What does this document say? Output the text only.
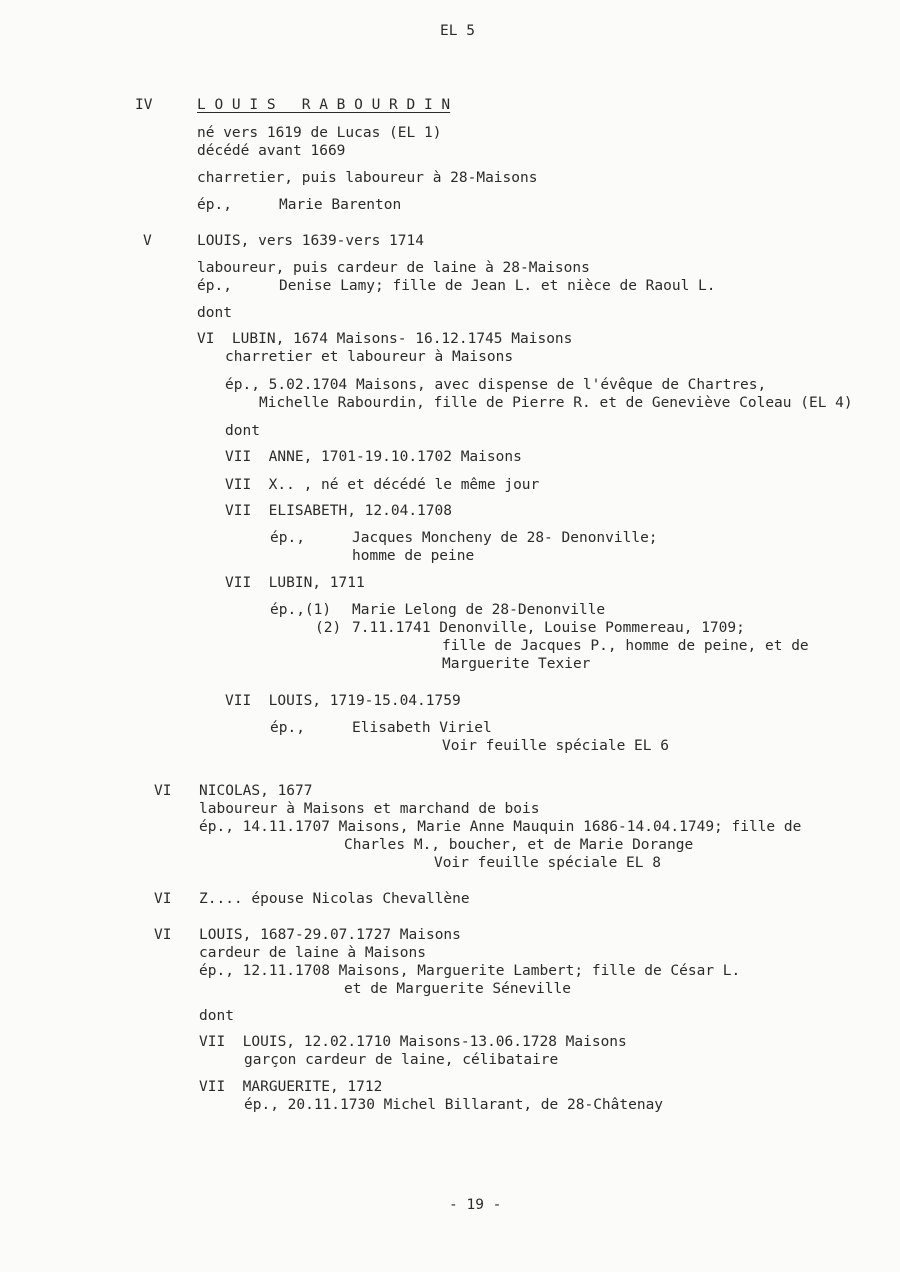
EL 5
IV	L O U I S   R A B O U R D I N
né vers 1619 de Lucas (EL 1)
décédé avant 1669
charretier, puis laboureur à 28-Maisons
ép.,	Marie Barenton
V	LOUIS, vers 1639-vers 1714
laboureur, puis cardeur de laine à 28-Maisons
ép.,	Denise Lamy; fille de Jean L. et nièce de Raoul L.
dont
VI  LUBIN, 1674 Maisons- 16.12.1745 Maisons
charretier et laboureur à Maisons
ép., 5.02.1704 Maisons, avec dispense de l'évêque de Chartres,
Michelle Rabourdin, fille de Pierre R. et de Geneviève Coleau (EL 4)
dont
VII  ANNE, 1701-19.10.1702 Maisons
VII  X.. , né et décédé le même jour
VII  ELISABETH, 12.04.1708
ép.,	Jacques Moncheny de 28- Denonville;
homme de peine
VII  LUBIN, 1711
ép.,(1) Marie Lelong de 28-Denonville
(2) 7.11.1741 Denonville, Louise Pommereau, 1709;
fille de Jacques P., homme de peine, et de
Marguerite Texier
VII  LOUIS, 1719-15.04.1759
ép.,	Elisabeth Viriel
Voir feuille spéciale EL 6
VI NICOLAS, 1677
laboureur à Maisons et marchand de bois
ép., 14.11.1707 Maisons, Marie Anne Mauquin 1686-14.04.1749; fille de
Charles M., boucher, et de Marie Dorange
Voir feuille spéciale EL 8
VI Z.... épouse Nicolas Chevallène
VI LOUIS, 1687-29.07.1727 Maisons
cardeur de laine à Maisons
ép., 12.11.1708 Maisons, Marguerite Lambert; fille de César L.
et de Marguerite Séneville
dont
VII  LOUIS, 12.02.1710 Maisons-13.06.1728 Maisons
garçon cardeur de laine, célibataire
VII  MARGUERITE, 1712
ép., 20.11.1730 Michel Billarant, de 28-Châtenay
- 19 -
